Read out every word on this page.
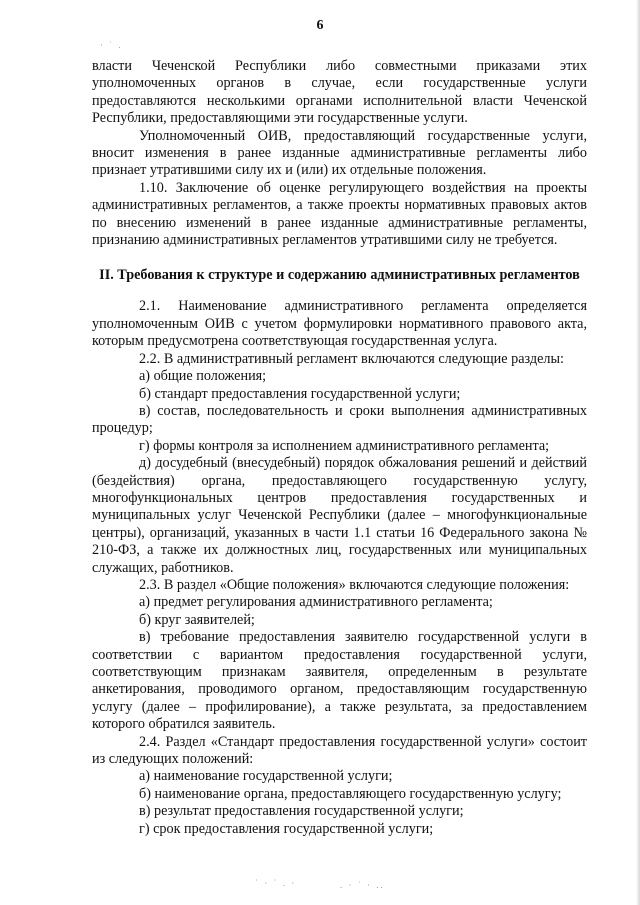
· ˙ .
˙ · ˙ . ·	. · ˙ · ..
6

власти Чеченской Республики либо совместными приказами этих уполномоченных органов в случае, если государственные услуги предоставляются несколькими органами исполнительной власти Чеченской Республики, предоставляющими эти государственные услуги.

Уполномоченный ОИВ, предоставляющий государственные услуги, вносит изменения в ранее изданные административные регламенты либо признает утратившими силу их и (или) их отдельные положения.

1.10. Заключение об оценке регулирующего воздействия на проекты административных регламентов, а также проекты нормативных правовых актов по внесению изменений в ранее изданные административные регламенты, признанию административных регламентов утратившими силу не требуется.

II. Требования к структуре и содержанию административных регламентов

2.1. Наименование административного регламента определяется уполномоченным ОИВ с учетом формулировки нормативного правового акта, которым предусмотрена соответствующая государственная услуга.

2.2. В административный регламент включаются следующие разделы:

а) общие положения;

б) стандарт предоставления государственной услуги;

в) состав, последовательность и сроки выполнения административных процедур;

г) формы контроля за исполнением административного регламента;

д) досудебный (внесудебный) порядок обжалования решений и действий (бездействия) органа, предоставляющего государственную услугу, многофункциональных центров предоставления государственных и муниципальных услуг Чеченской Республики (далее – многофункциональные центры), организаций, указанных в части 1.1 статьи 16 Федерального закона № 210-ФЗ, а также их должностных лиц, государственных или муниципальных служащих, работников.

2.3. В раздел «Общие положения» включаются следующие положения:

а) предмет регулирования административного регламента;

б) круг заявителей;

в) требование предоставления заявителю государственной услуги в соответствии с вариантом предоставления государственной услуги, соответствующим признакам заявителя, определенным в результате анкетирования, проводимого органом, предоставляющим государственную услугу (далее – профилирование), а также результата, за предоставлением которого обратился заявитель.

2.4. Раздел «Стандарт предоставления государственной услуги» состоит из следующих положений:

а) наименование государственной услуги;

б) наименование органа, предоставляющего государственную услугу;

в) результат предоставления государственной услуги;

г) срок предоставления государственной услуги;
